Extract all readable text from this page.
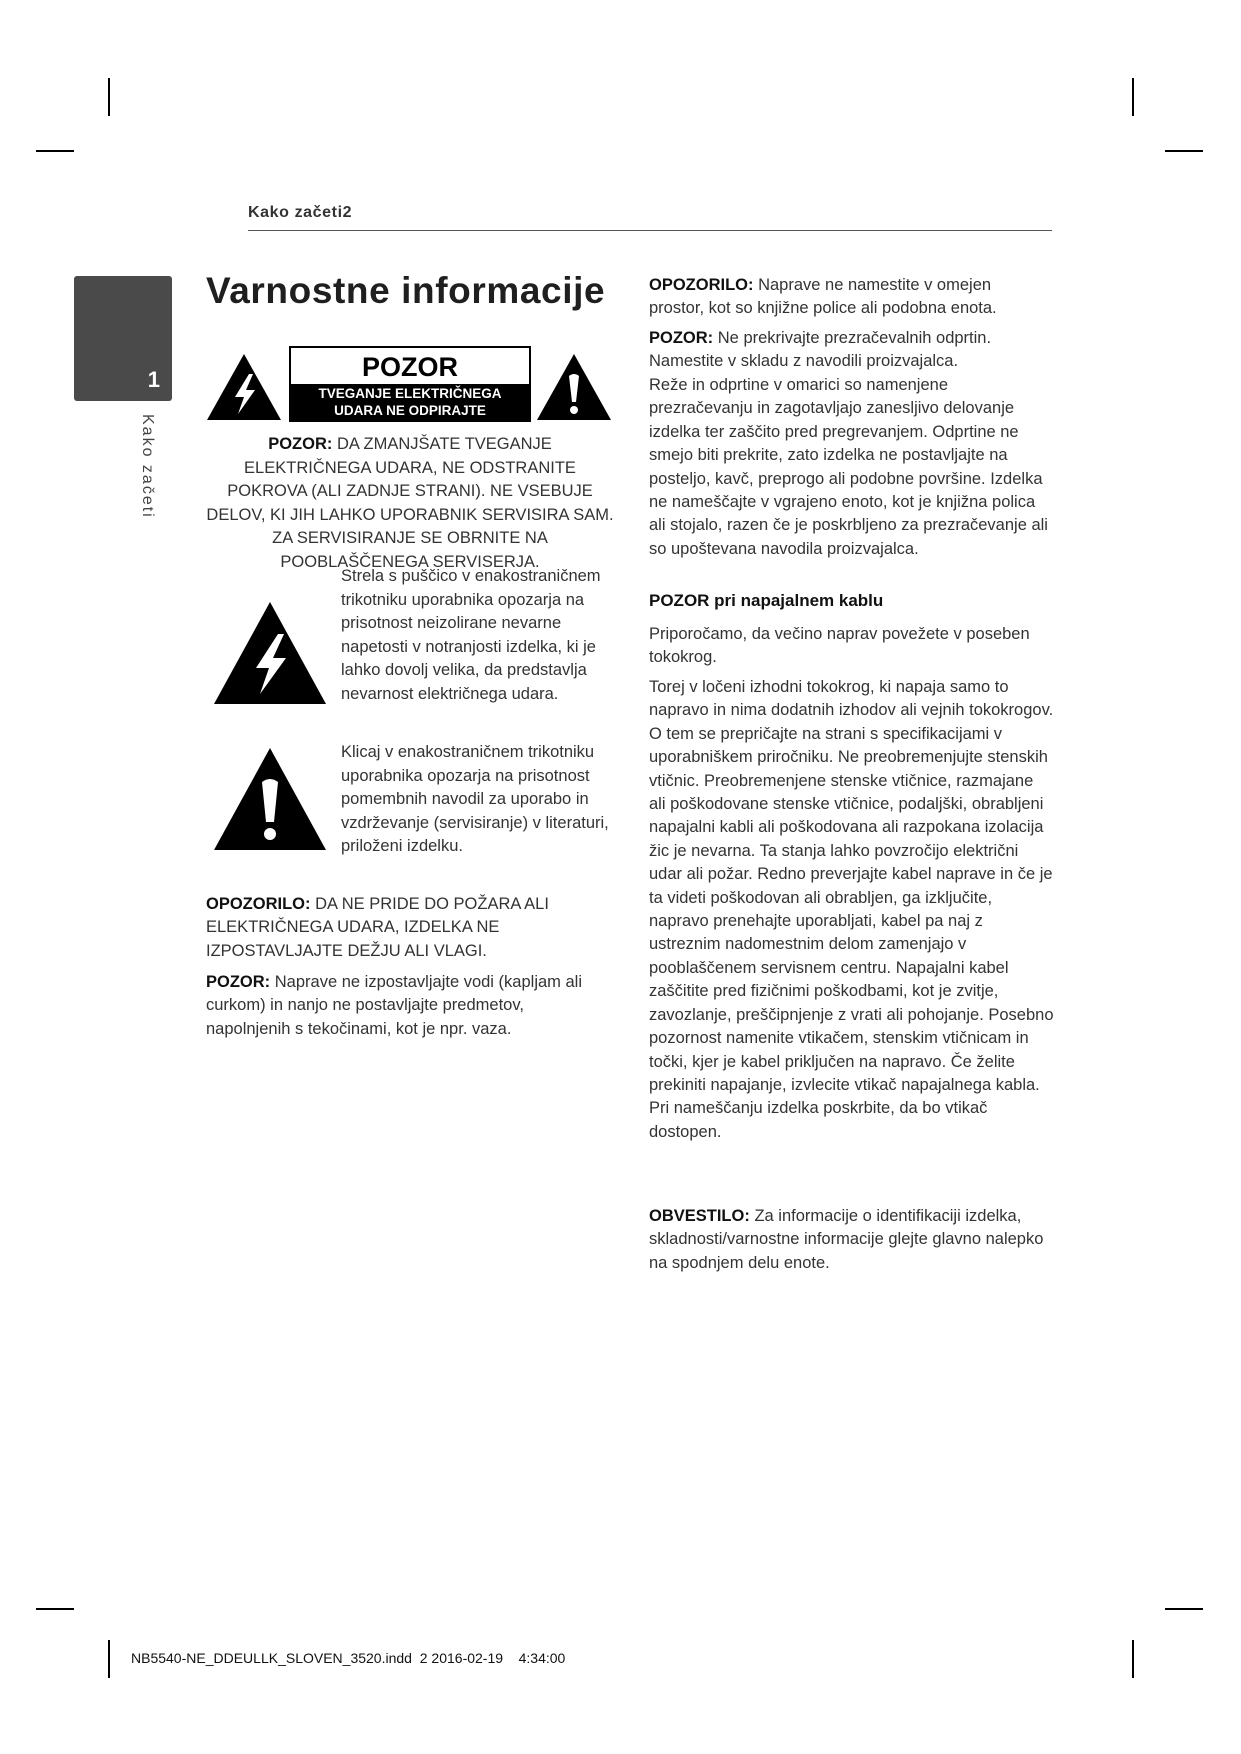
Kako začeti2
1
Kako začeti
Varnostne informacije
POZOR
TVEGANJE ELEKTRIČNEGA
UDARA NE ODPIRAJTE
POZOR: DA ZMANJŠATE TVEGANJE ELEKTRIČNEGA UDARA, NE ODSTRANITE POKROVA (ALI ZADNJE STRANI). NE VSEBUJE DELOV, KI JIH LAHKO UPORABNIK SERVISIRA SAM. ZA SERVISIRANJE SE OBRNITE NA POOBLAŠČENEGA SERVISERJA.
Strela s puščico v enakostraničnem trikotniku uporabnika opozarja na prisotnost neizolirane nevarne napetosti v notranjosti izdelka, ki je lahko dovolj velika, da predstavlja nevarnost električnega udara.
Klicaj v enakostraničnem trikotniku uporabnika opozarja na prisotnost pomembnih navodil za uporabo in vzdrževanje (servisiranje) v literaturi, priloženi izdelku.

OPOZORILO: DA NE PRIDE DO POŽARA ALI ELEKTRIČNEGA UDARA, IZDELKA NE IZPOSTAVLJAJTE DEŽJU ALI VLAGI.

POZOR: Naprave ne izpostavljajte vodi (kapljam ali curkom) in nanjo ne postavljajte predmetov, napolnjenih s tekočinami, kot je npr. vaza.

OPOZORILO: Naprave ne namestite v omejen prostor, kot so knjižne police ali podobna enota.

POZOR: Ne prekrivajte prezračevalnih odprtin. Namestite v skladu z navodili proizvajalca.

Reže in odprtine v omarici so namenjene prezračevanju in zagotavljajo zanesljivo delovanje izdelka ter zaščito pred pregrevanjem. Odprtine ne smejo biti prekrite, zato izdelka ne postavljajte na posteljo, kavč, preprogo ali podobne površine. Izdelka ne nameščajte v vgrajeno enoto, kot je knjižna polica ali stojalo, razen če je poskrbljeno za prezračevanje ali so upoštevana navodila proizvajalca.

POZOR pri napajalnem kablu

Priporočamo, da večino naprav povežete v poseben tokokrog.

Torej v ločeni izhodni tokokrog, ki napaja samo to napravo in nima dodatnih izhodov ali vejnih tokokrogov. O tem se prepričajte na strani s specifikacijami v uporabniškem priročniku. Ne preobremenjujte stenskih vtičnic. Preobremenjene stenske vtičnice, razmajane ali poškodovane stenske vtičnice, podaljški, obrabljeni napajalni kabli ali poškodovana ali razpokana izolacija žic je nevarna. Ta stanja lahko povzročijo električni udar ali požar. Redno preverjajte kabel naprave in če je ta videti poškodovan ali obrabljen, ga izključite, napravo prenehajte uporabljati, kabel pa naj z ustreznim nadomestnim delom zamenjajo v pooblaščenem servisnem centru. Napajalni kabel zaščitite pred fizičnimi poškodbami, kot je zvitje, zavozlanje, preščipnjenje z vrati ali pohojanje. Posebno pozornost namenite vtikačem, stenskim vtičnicam in točki, kjer je kabel priključen na napravo. Če želite prekiniti napajanje, izvlecite vtikač napajalnega kabla. Pri nameščanju izdelka poskrbite, da bo vtikač dostopen.

OBVESTILO: Za informacije o identifikaciji izdelka, skladnosti/varnostne informacije glejte glavno nalepko na spodnjem delu enote.

NB5540-NE_DDEULLK_SLOVEN_3520.indd 2 2016-02-19 4:34:00
